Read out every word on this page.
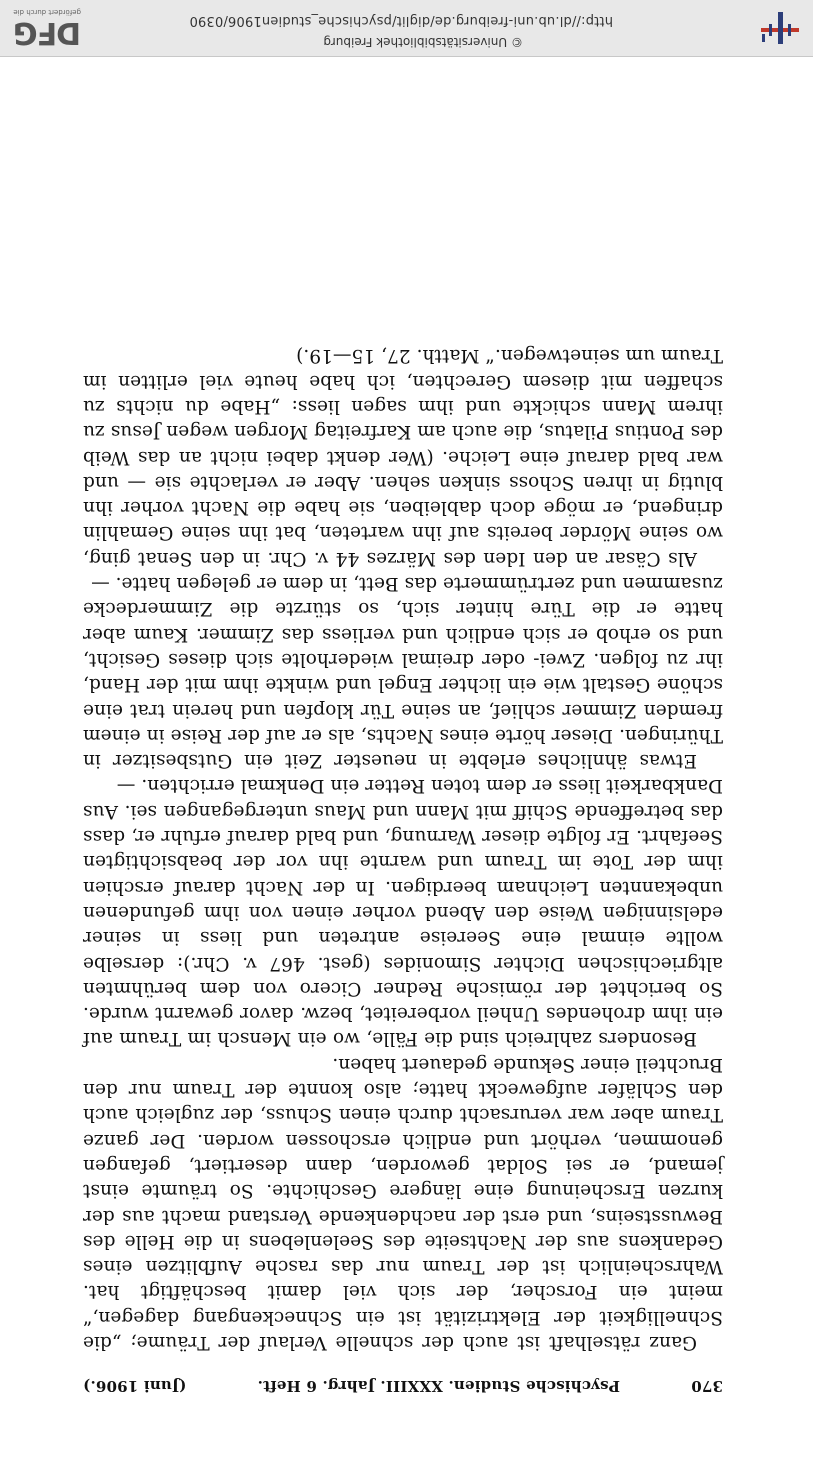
370
Psychische Studien. XXXIII. Jahrg. 6 Heft.
(Juni 1906.)

Ganz rätselhaft ist auch der schnelle Verlauf der Träume; „die Schnelligkeit der Elektrizität ist ein Schneckengang dagegen,“ meint ein Forscher, der sich viel damit beschäftigt hat. Wahrscheinlich ist der Traum nur das rasche Aufblitzen eines Gedankens aus der Nachtseite des Seelenlebens in die Helle des Bewusstseins, und erst der nachdenkende Verstand macht aus der kurzen Erscheinung eine längere Geschichte. So träumte einst jemand, er sei Soldat geworden, dann desertiert, gefangen genommen, verhört und endlich erschossen worden. Der ganze Traum aber war verursacht durch einen Schuss, der zugleich auch den Schläfer aufgeweckt hatte; also konnte der Traum nur den Bruchteil einer Sekunde gedauert haben.

Besonders zahlreich sind die Fälle, wo ein Mensch im Traum auf ein ihm drohendes Unheil vorbereitet, bezw. davor gewarnt wurde. So berichtet der römische Redner Cicero von dem berühmten altgriechischen Dichter Simonides (gest. 467 v. Chr.): derselbe wollte einmal eine Seereise antreten und liess in seiner edelsinnigen Weise den Abend vorher einen von ihm gefundenen unbekannten Leichnam beerdigen. In der Nacht darauf erschien ihm der Tote im Traum und warnte ihn vor der beabsichtigten Seefahrt. Er folgte dieser Warnung, und bald darauf erfuhr er, dass das betreffende Schiff mit Mann und Maus untergegangen sei. Aus Dankbarkeit liess er dem toten Retter ein Denkmal errichten. —

Etwas ähnliches erlebte in neuester Zeit ein Gutsbesitzer in Thüringen. Dieser hörte eines Nachts, als er auf der Reise in einem fremden Zimmer schlief, an seine Tür klopfen und herein trat eine schöne Gestalt wie ein lichter Engel und winkte ihm mit der Hand, ihr zu folgen. Zwei- oder dreimal wiederholte sich dieses Gesicht, und so erhob er sich endlich und verliess das Zimmer. Kaum aber hatte er die Türe hinter sich, so stürzte die Zimmerdecke zusammen und zertrümmerte das Bett, in dem er gelegen hatte. —

Als Cäsar an den Iden des Märzes 44 v. Chr. in den Senat ging, wo seine Mörder bereits auf ihn warteten, bat ihn seine Gemahlin dringend, er möge doch dableiben, sie habe die Nacht vorher ihn blutig in ihren Schoss sinken sehen. Aber er verlachte sie — und war bald darauf eine Leiche. (Wer denkt dabei nicht an das Weib des Pontius Pilatus, die auch am Karfreitag Morgen wegen Jesus zu ihrem Mann schickte und ihm sagen liess: „Habe du nichts zu schaffen mit diesem Gerechten, ich habe heute viel erlitten im Traum um seinetwegen.“ Matth. 27, 15—19.)

http://dl.ub.uni-freiburg.de/diglit/psychische_studien1906/0390
© Universitätsbibliothek Freiburg
gefördert durch die
DFG
